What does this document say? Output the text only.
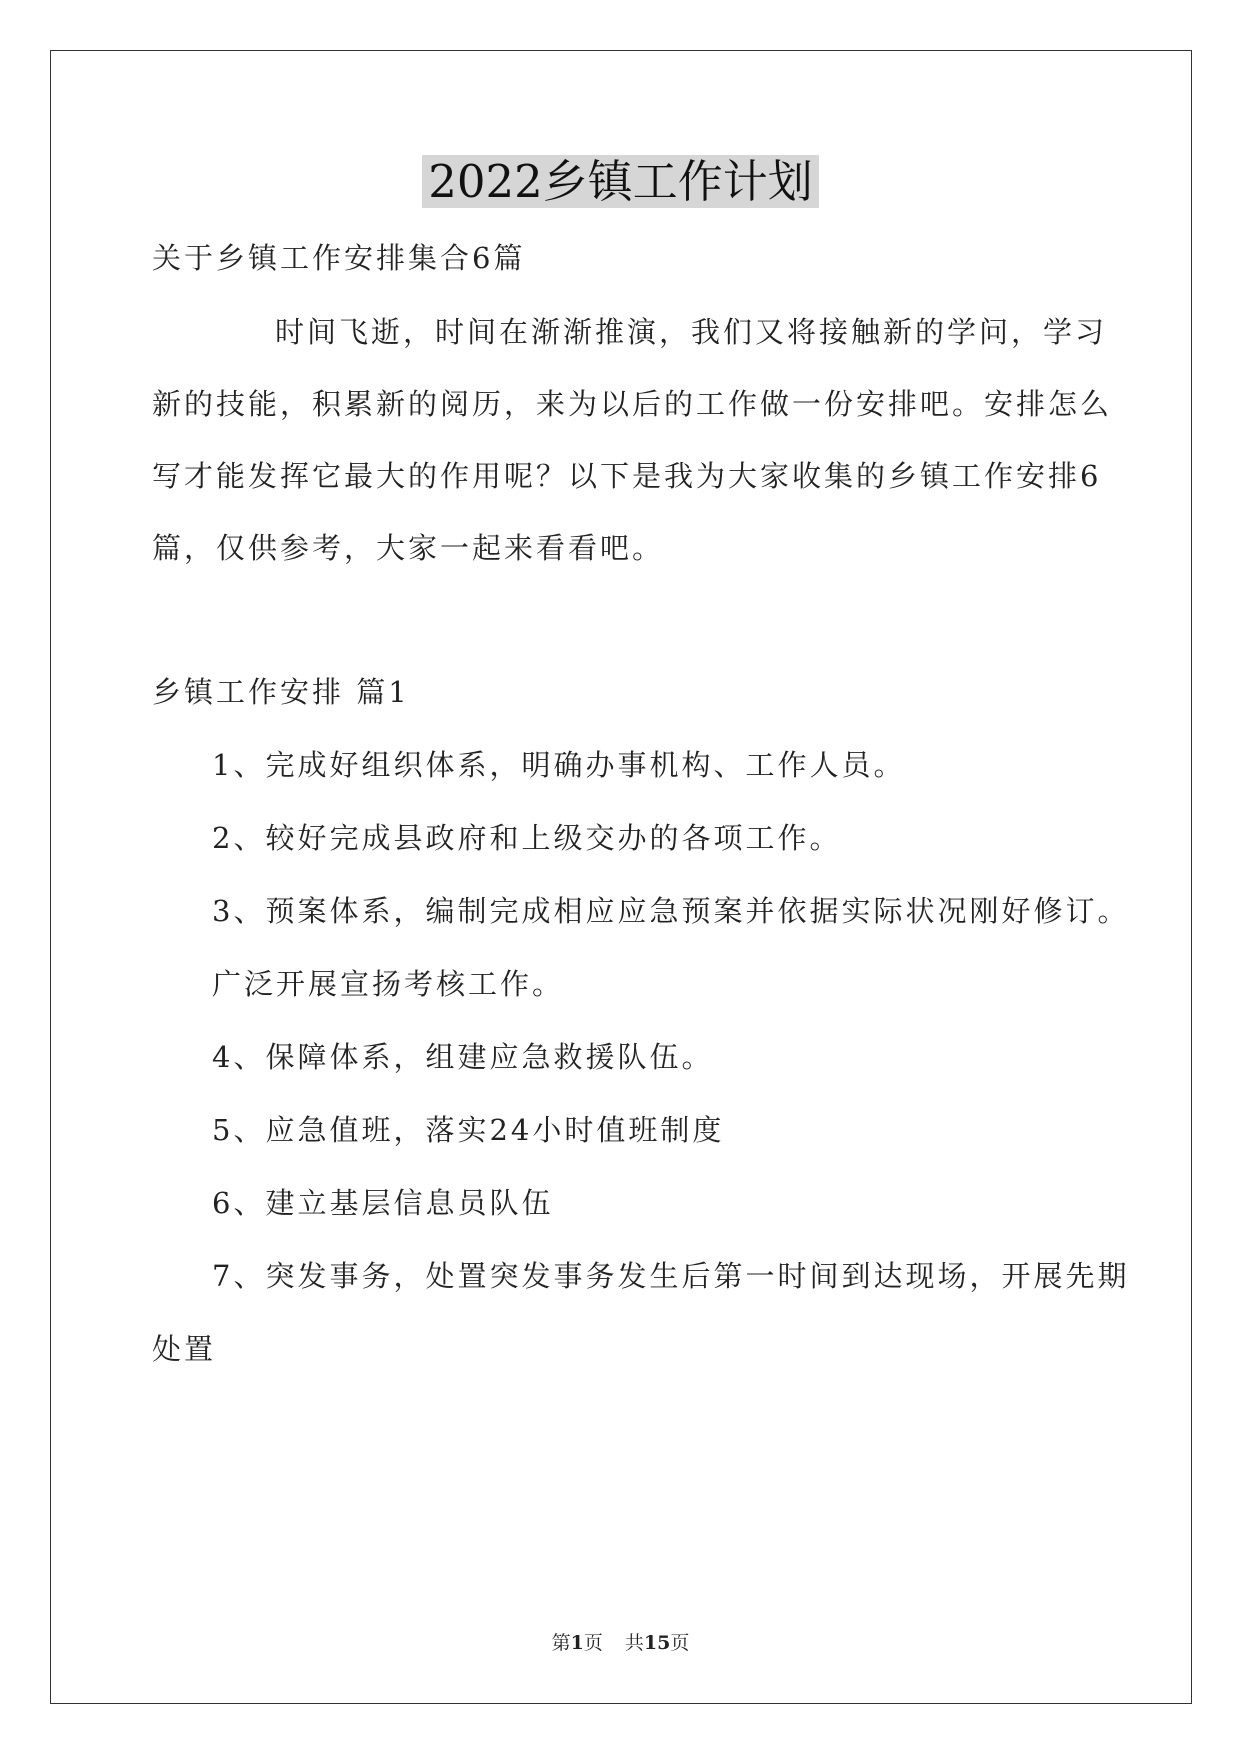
2022乡镇工作计划

关于乡镇工作安排集合6篇

时间飞逝，时间在渐渐推演，我们又将接触新的学问，学习

新的技能，积累新的阅历，来为以后的工作做一份安排吧。安排怎么

写才能发挥它最大的作用呢？以下是我为大家收集的乡镇工作安排6

篇，仅供参考，大家一起来看看吧。

乡镇工作安排 篇1

1、完成好组织体系，明确办事机构、工作人员。

2、较好完成县政府和上级交办的各项工作。

3、预案体系，编制完成相应应急预案并依据实际状况刚好修订。

广泛开展宣扬考核工作。

4、保障体系，组建应急救援队伍。

5、应急值班，落实24小时值班制度

6、建立基层信息员队伍

7、突发事务，处置突发事务发生后第一时间到达现场，开展先期

处置

第1页 共15页
